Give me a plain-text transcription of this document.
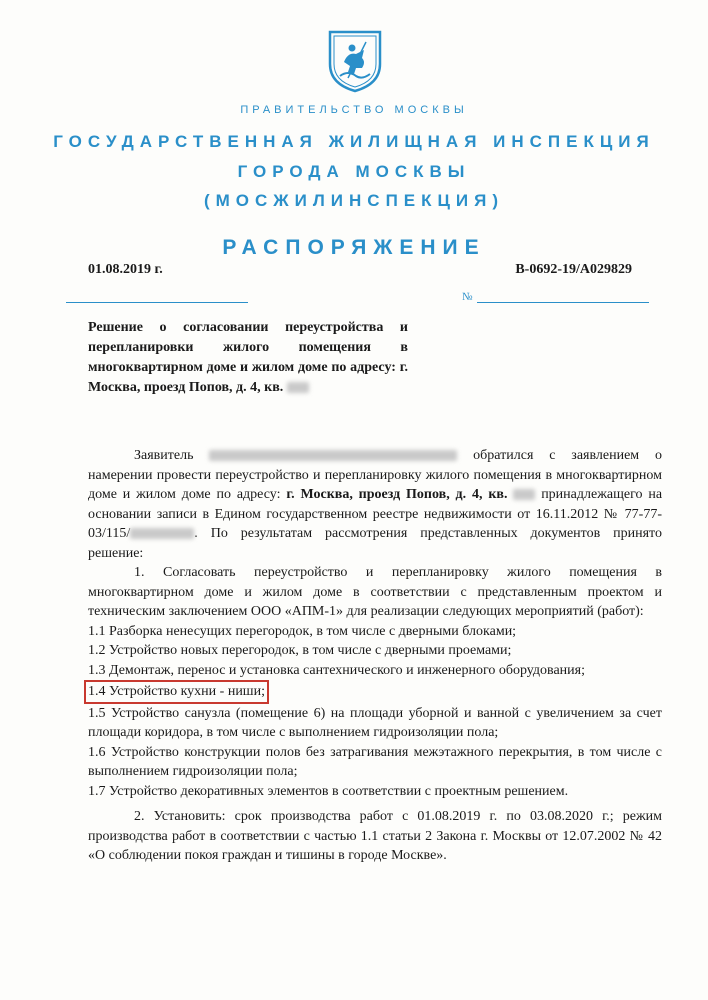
ПРАВИТЕЛЬСТВО МОСКВЫ
ГОСУДАРСТВЕННАЯ ЖИЛИЩНАЯ ИНСПЕКЦИЯ
ГОРОДА МОСКВЫ
(МОСЖИЛИНСПЕКЦИЯ)
РАСПОРЯЖЕНИЕ
01.08.2019 г.	В-0692-19/А029829
№
Решение о согласовании переустройства и перепланировки жилого помещения в многоквартирном доме и жилом доме по адресу: г. Москва, проезд Попов, д. 4, кв.

Заявитель	обратился с заявлением о намерении провести переустройство и перепланировку жилого помещения в многоквартирном доме и жилом доме по адресу: г. Москва, проезд Попов, д. 4, кв. принадлежащего на основании записи в Едином государственном реестре недвижимости от 16.11.2012 № 77-77-03/115/	. По результатам рассмотрения представленных документов принято решение:

1. Согласовать переустройство и перепланировку жилого помещения в многоквартирном доме и жилом доме в соответствии с представленным проектом и техническим заключением ООО «АПМ-1» для реализации следующих мероприятий (работ):

1.1 Разборка ненесущих перегородок, в том числе с дверными блоками;

1.2 Устройство новых перегородок, в том числе с дверными проемами;

1.3 Демонтаж, перенос и установка сантехнического и инженерного оборудования;

1.4 Устройство кухни - ниши;

1.5 Устройство санузла (помещение 6) на площади уборной и ванной с увеличением за счет площади коридора, в том числе с выполнением гидроизоляции пола;

1.6 Устройство конструкции полов без затрагивания межэтажного перекрытия, в том числе с выполнением гидроизоляции пола;

1.7 Устройство декоративных элементов в соответствии с проектным решением.

2. Установить: срок производства работ с 01.08.2019 г. по 03.08.2020 г.; режим производства работ в соответствии с частью 1.1 статьи 2 Закона г. Москвы от 12.07.2002 № 42 «О соблюдении покоя граждан и тишины в городе Москве».
